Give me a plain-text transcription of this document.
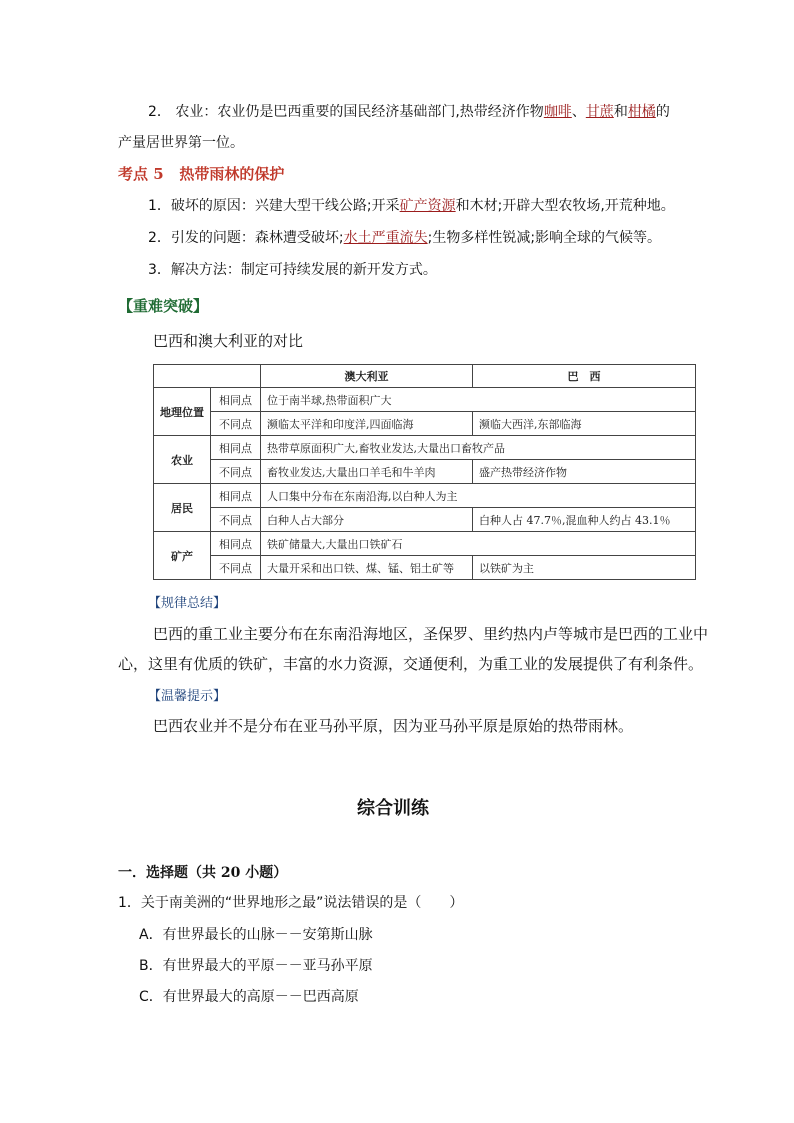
2． 农业：农业仍是巴西重要的国民经济基础部门,热带经济作物咖啡、甘蔗和柑橘的
产量居世界第一位。
考点 5 热带雨林的保护
1．破坏的原因：兴建大型干线公路;开采矿产资源和木材;开辟大型农牧场,开荒种地。
2．引发的问题：森林遭受破坏;水土严重流失;生物多样性锐减;影响全球的气候等。
3．解决方法：制定可持续发展的新开发方式。
【重难突破】
巴西和澳大利亚的对比
		澳大利亚	巴　西
地理位置	相同点	位于南半球,热带面积广大	
	不同点	濒临太平洋和印度洋,四面临海	濒临大西洋,东部临海
农业	相同点	热带草原面积广大,畜牧业发达,大量出口畜牧产品	
	不同点	畜牧业发达,大量出口羊毛和牛羊肉	盛产热带经济作物
居民	相同点	人口集中分布在东南沿海,以白种人为主	
	不同点	白种人占大部分	白种人占 47.7％,混血种人约占 43.1％
矿产	相同点	铁矿储量大,大量出口铁矿石	
	不同点	大量开采和出口铁、煤、锰、铝土矿等	以铁矿为主
【规律总结】
巴西的重工业主要分布在东南沿海地区，圣保罗、里约热内卢等城市是巴西的工业中
心，这里有优质的铁矿，丰富的水力资源，交通便利，为重工业的发展提供了有利条件。
【温馨提示】
巴西农业并不是分布在亚马孙平原，因为亚马孙平原是原始的热带雨林。
综合训练
一．选择题（共 20 小题）
1．关于南美洲的“世界地形之最”说法错误的是（　　）
A．有世界最长的山脉－－安第斯山脉
B．有世界最大的平原－－亚马孙平原
C．有世界最大的高原－－巴西高原
